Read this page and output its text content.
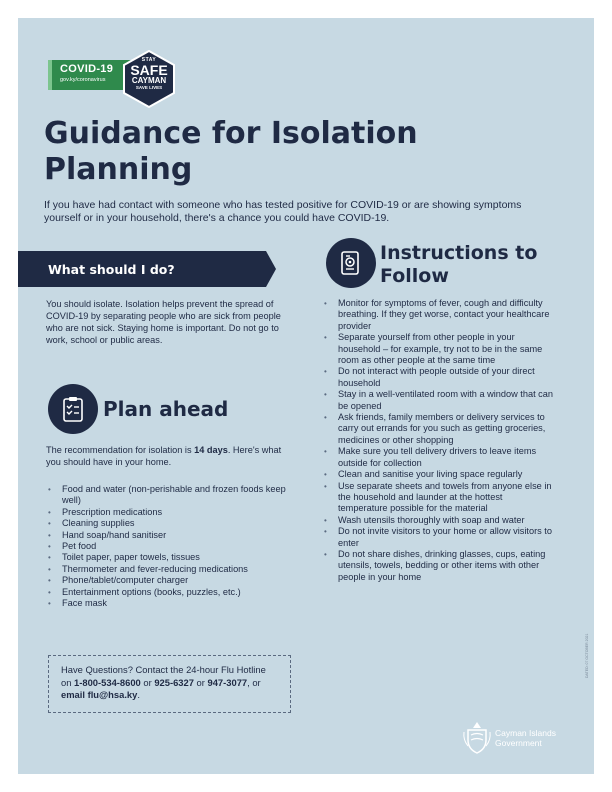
COVID-19
gov.ky/coronavirus
STAY
SAFE
CAYMAN
SAVE LIVES
Guidance for Isolation Planning

If you have had contact with someone who has tested positive for COVID-19 or are showing symptoms yourself or in your household, there's a chance you could have COVID-19.

What should I do?

You should isolate. Isolation helps prevent the spread of COVID-19 by separating people who are sick from people who are not sick. Staying home is important. Do not go to work, school or public areas.

Plan ahead

The recommendation for isolation is 14 days. Here's what you should have in your home.

• Food and water (non-perishable and frozen foods keep well)
• Prescription medications
• Cleaning supplies
• Hand soap/hand sanitiser
• Pet food
• Toilet paper, paper towels, tissues
• Thermometer and fever-reducing medications
• Phone/tablet/computer charger
• Entertainment options (books, puzzles, etc.)
• Face mask
Have Questions? Contact the 24-hour Flu Hotline on 1-800-534-8600 or 925-6327 or 947-3077, or email flu@hsa.ky.
Instructions to
Follow
• Monitor for symptoms of fever, cough and difficulty breathing. If they get worse, contact your healthcare provider
• Separate yourself from other people in your household – for example, try not to be in the same room as other people at the same time
• Do not interact with people outside of your direct household
• Stay in a well-ventilated room with a window that can be opened
• Ask friends, family members or delivery services to carry out errands for you such as getting groceries, medicines or other shopping
• Make sure you tell delivery drivers to leave items outside for collection
• Clean and sanitise your living space regularly
• Use separate sheets and towels from anyone else in the household and launder at the hottest temperature possible for the material
• Wash utensils thoroughly with soap and water
• Do not invite visitors to your home or allow visitors to enter
• Do not share dishes, drinking glasses, cups, eating utensils, towels, bedding or other items with other people in your home
DATED: 07 OCTOBER 2021
Cayman Islands
Government
